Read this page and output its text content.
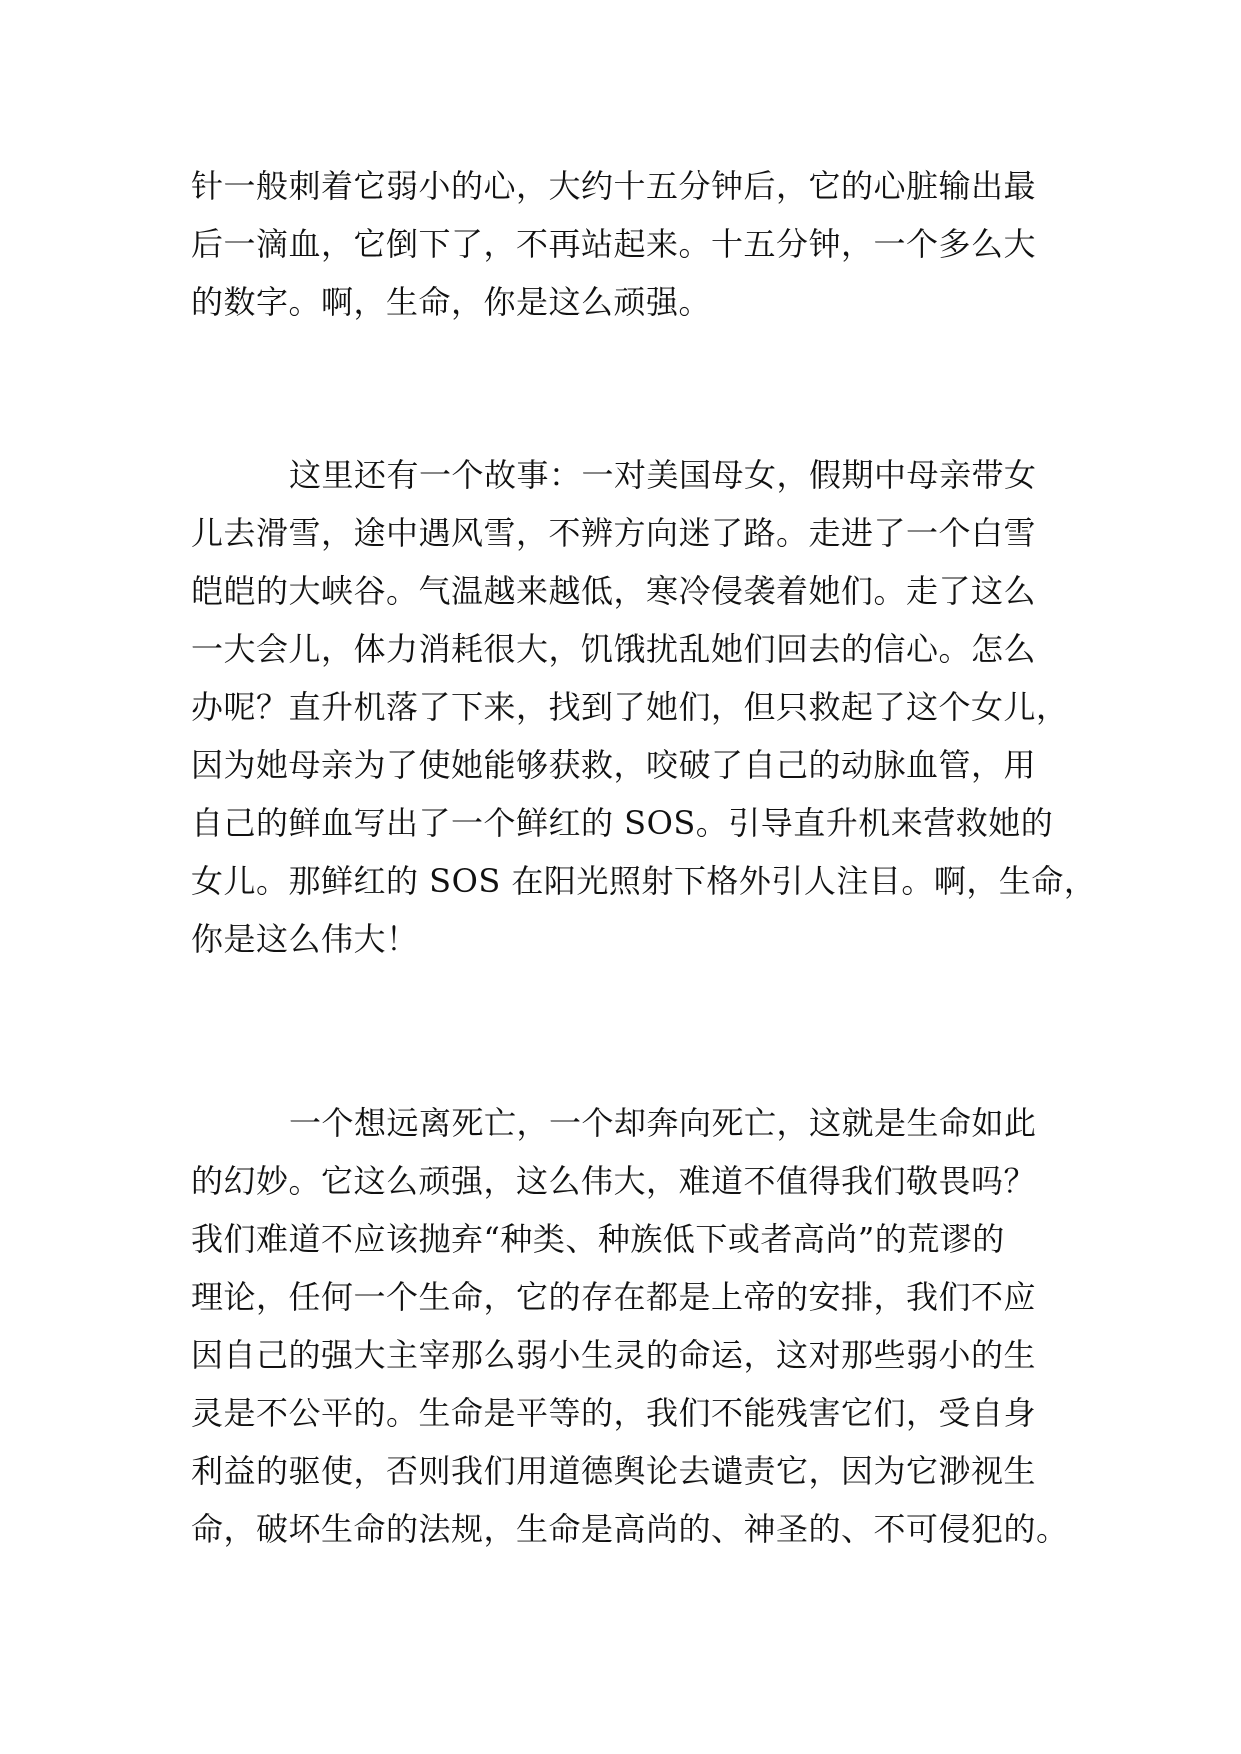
针一般刺着它弱小的心，大约十五分钟后，它的心脏输出最
后一滴血，它倒下了，不再站起来。十五分钟，一个多么大
的数字。啊，生命，你是这么顽强。
这里还有一个故事：一对美国母女，假期中母亲带女
儿去滑雪，途中遇风雪，不辨方向迷了路。走进了一个白雪
皑皑的大峡谷。气温越来越低，寒冷侵袭着她们。走了这么
一大会儿，体力消耗很大，饥饿扰乱她们回去的信心。怎么
办呢？直升机落了下来，找到了她们，但只救起了这个女儿，
因为她母亲为了使她能够获救，咬破了自己的动脉血管，用
自己的鲜血写出了一个鲜红的 SOS。引导直升机来营救她的
女儿。那鲜红的 SOS 在阳光照射下格外引人注目。啊，生命，
你是这么伟大！
一个想远离死亡，一个却奔向死亡，这就是生命如此
的幻妙。它这么顽强，这么伟大，难道不值得我们敬畏吗？
我们难道不应该抛弃“种类、种族低下或者高尚”的荒谬的
理论，任何一个生命，它的存在都是上帝的安排，我们不应
因自己的强大主宰那么弱小生灵的命运，这对那些弱小的生
灵是不公平的。生命是平等的，我们不能残害它们，受自身
利益的驱使，否则我们用道德舆论去谴责它，因为它渺视生
命，破坏生命的法规，生命是高尚的、神圣的、不可侵犯的。
